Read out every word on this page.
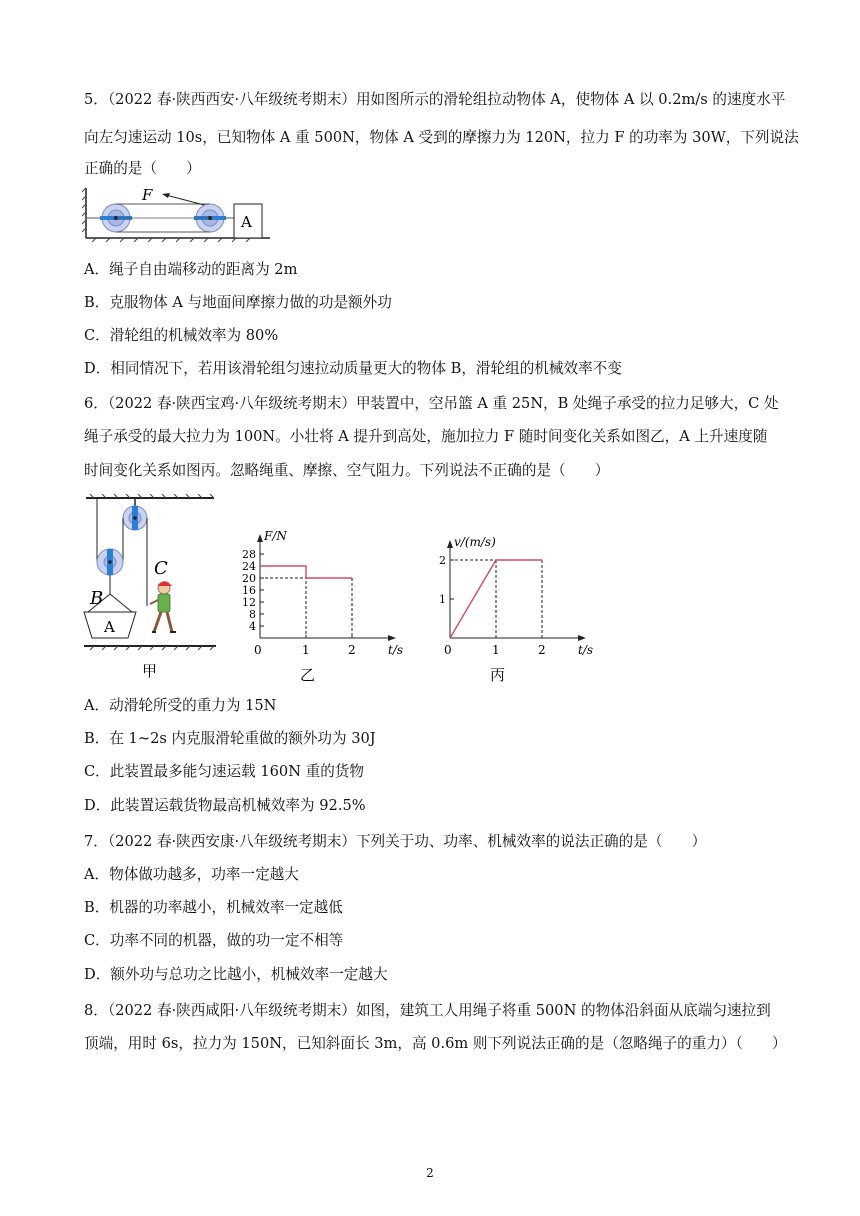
5．（2022 春·陕西西安·八年级统考期末）用如图所示的滑轮组拉动物体 A，使物体 A 以 0.2m/s 的速度水平
向左匀速运动 10s，已知物体 A 重 500N，物体 A 受到的摩擦力为 120N，拉力 F 的功率为 30W，下列说法
正确的是（　　）
F
A
A．绳子自由端移动的距离为 2m
B．克服物体 A 与地面间摩擦力做的功是额外功
C．滑轮组的机械效率为 80%
D．相同情况下，若用该滑轮组匀速拉动质量更大的物体 B，滑轮组的机械效率不变
6．（2022 春·陕西宝鸡·八年级统考期末）甲装置中，空吊篮 A 重 25N，B 处绳子承受的拉力足够大，C 处
绳子承受的最大拉力为 100N。小壮将 A 提升到高处，施加拉力 F 随时间变化关系如图乙，A 上升速度随
时间变化关系如图丙。忽略绳重、摩擦、空气阻力。下列说法不正确的是（　　）
A
B
C
甲
F/N
t/s
0	1	2
4
8
12
16
20
24
28
乙
v/(m/s)
t/s
0	1	2
1
2
丙
A．动滑轮所受的重力为 15N
B．在 1~2s 内克服滑轮重做的额外功为 30J
C．此装置最多能匀速运载 160N 重的货物
D．此装置运载货物最高机械效率为 92.5%
7．（2022 春·陕西安康·八年级统考期末）下列关于功、功率、机械效率的说法正确的是（　　）
A．物体做功越多，功率一定越大
B．机器的功率越小，机械效率一定越低
C．功率不同的机器，做的功一定不相等
D．额外功与总功之比越小，机械效率一定越大
8．（2022 春·陕西咸阳·八年级统考期末）如图，建筑工人用绳子将重 500N 的物体沿斜面从底端匀速拉到
顶端，用时 6s，拉力为 150N，已知斜面长 3m，高 0.6m 则下列说法正确的是（忽略绳子的重力）（　　）
2
